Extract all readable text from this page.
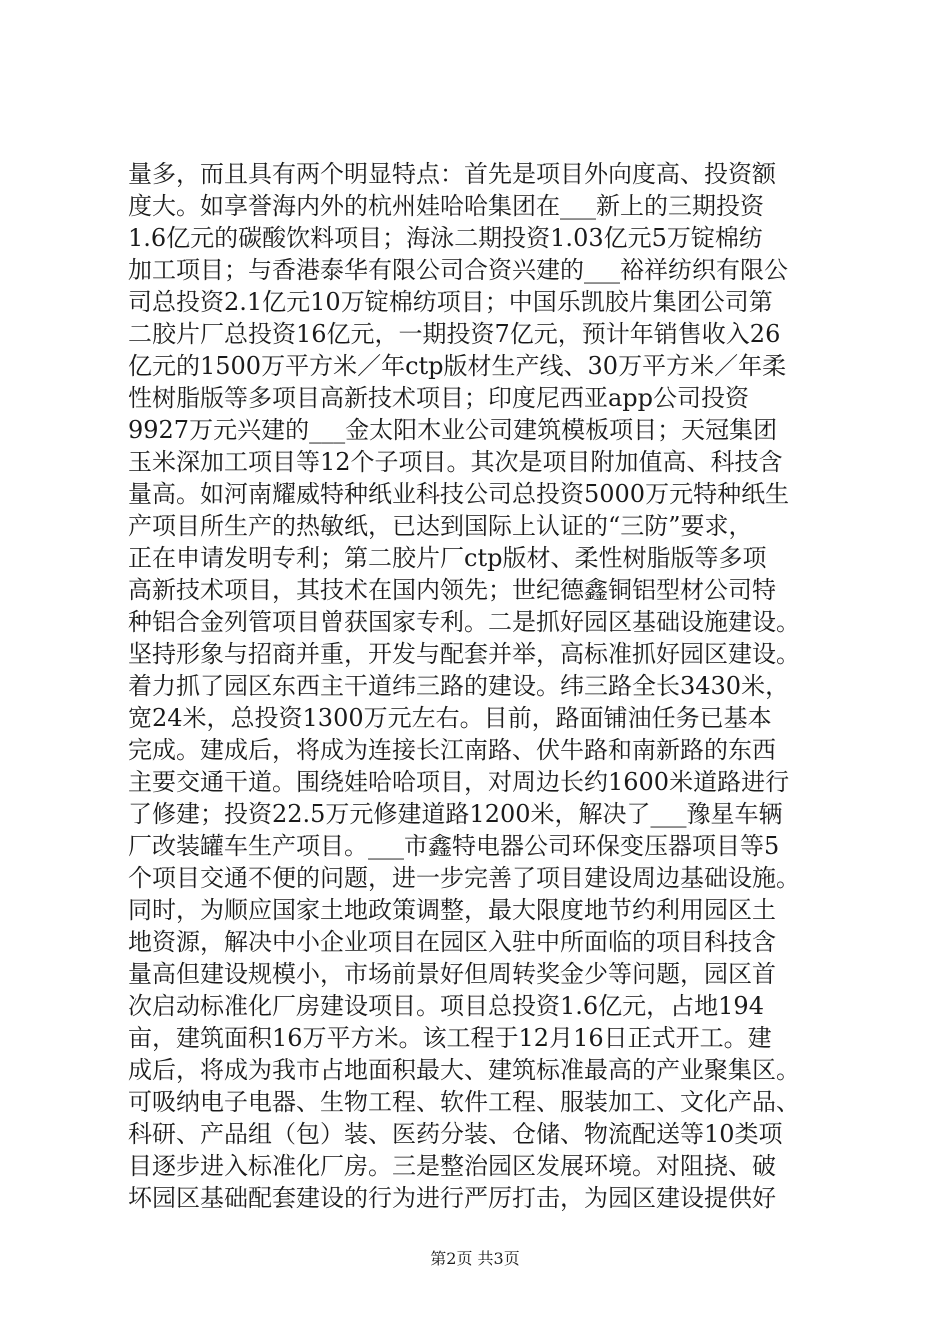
量多，而且具有两个明显特点：首先是项目外向度高、投资额
度大。如享誉海内外的杭州娃哈哈集团在___新上的三期投资
1.6亿元的碳酸饮料项目；海泳二期投资1.03亿元5万锭棉纺
加工项目；与香港泰华有限公司合资兴建的___裕祥纺织有限公
司总投资2.1亿元10万锭棉纺项目；中国乐凯胶片集团公司第
二胶片厂总投资16亿元，一期投资7亿元，预计年销售收入26
亿元的1500万平方米／年ctp版材生产线、30万平方米／年柔
性树脂版等多项目高新技术项目；印度尼西亚app公司投资
9927万元兴建的___金太阳木业公司建筑模板项目；天冠集团
玉米深加工项目等12个子项目。其次是项目附加值高、科技含
量高。如河南耀威特种纸业科技公司总投资5000万元特种纸生
产项目所生产的热敏纸，已达到国际上认证的“三防”要求，
正在申请发明专利；第二胶片厂ctp版材、柔性树脂版等多项
高新技术项目，其技术在国内领先；世纪德鑫铜铝型材公司特
种铝合金列管项目曾获国家专利。二是抓好园区基础设施建设。
坚持形象与招商并重，开发与配套并举，高标准抓好园区建设。
着力抓了园区东西主干道纬三路的建设。纬三路全长3430米，
宽24米，总投资1300万元左右。目前，路面铺油任务已基本
完成。建成后，将成为连接长江南路、伏牛路和南新路的东西
主要交通干道。围绕娃哈哈项目，对周边长约1600米道路进行
了修建；投资22.5万元修建道路1200米，解决了___豫星车辆
厂改装罐车生产项目。___市鑫特电器公司环保变压器项目等5
个项目交通不便的问题，进一步完善了项目建设周边基础设施。
同时，为顺应国家土地政策调整，最大限度地节约利用园区土
地资源，解决中小企业项目在园区入驻中所面临的项目科技含
量高但建设规模小，市场前景好但周转奖金少等问题，园区首
次启动标准化厂房建设项目。项目总投资1.6亿元，占地194
亩，建筑面积16万平方米。该工程于12月16日正式开工。建
成后，将成为我市占地面积最大、建筑标准最高的产业聚集区。
可吸纳电子电器、生物工程、软件工程、服装加工、文化产品、
科研、产品组（包）装、医药分装、仓储、物流配送等10类项
目逐步进入标准化厂房。三是整治园区发展环境。对阻挠、破
坏园区基础配套建设的行为进行严厉打击，为园区建设提供好
第2页 共3页
